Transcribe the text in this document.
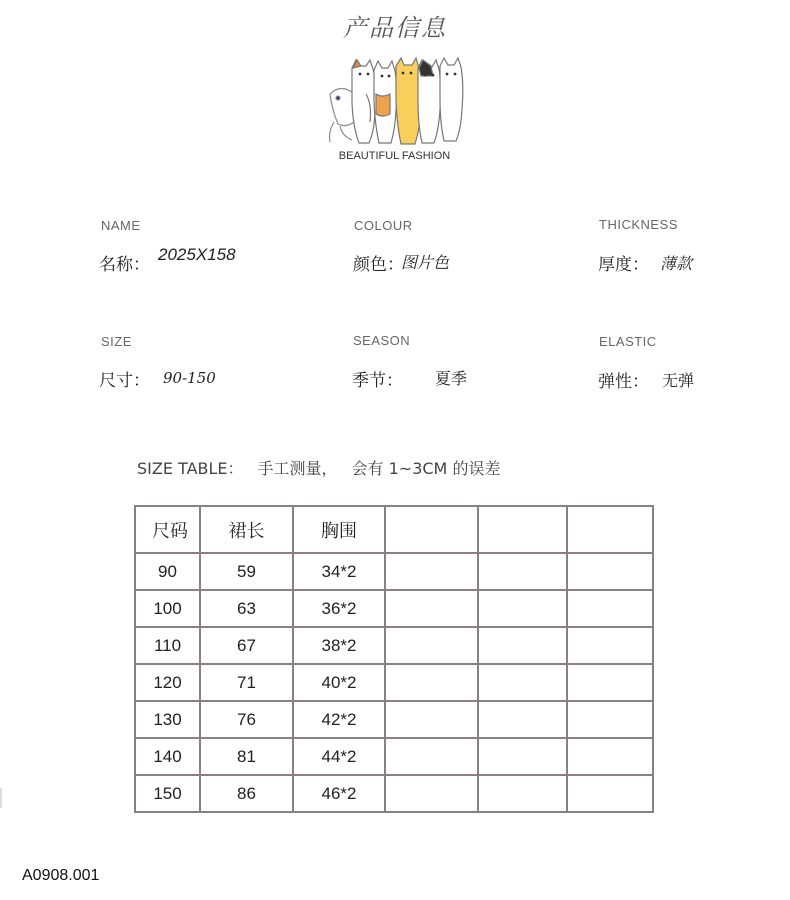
产品信息
BEAUTIFUL FASHION
NAME
名称：
2025X158
COLOUR
颜色：
图片色
THICKNESS
厚度： 薄款
SIZE
尺寸： 90-150
SEASON
季节： 夏季
ELASTIC
弹性： 无弹
SIZE TABLE： 手工测量， 会有 1~3CM 的误差
尺码	裙长	胸围			
90	59	34*2			
100	63	36*2			
110	67	38*2			
120	71	40*2			
130	76	42*2			
140	81	44*2			
150	86	46*2			
A0908.001
